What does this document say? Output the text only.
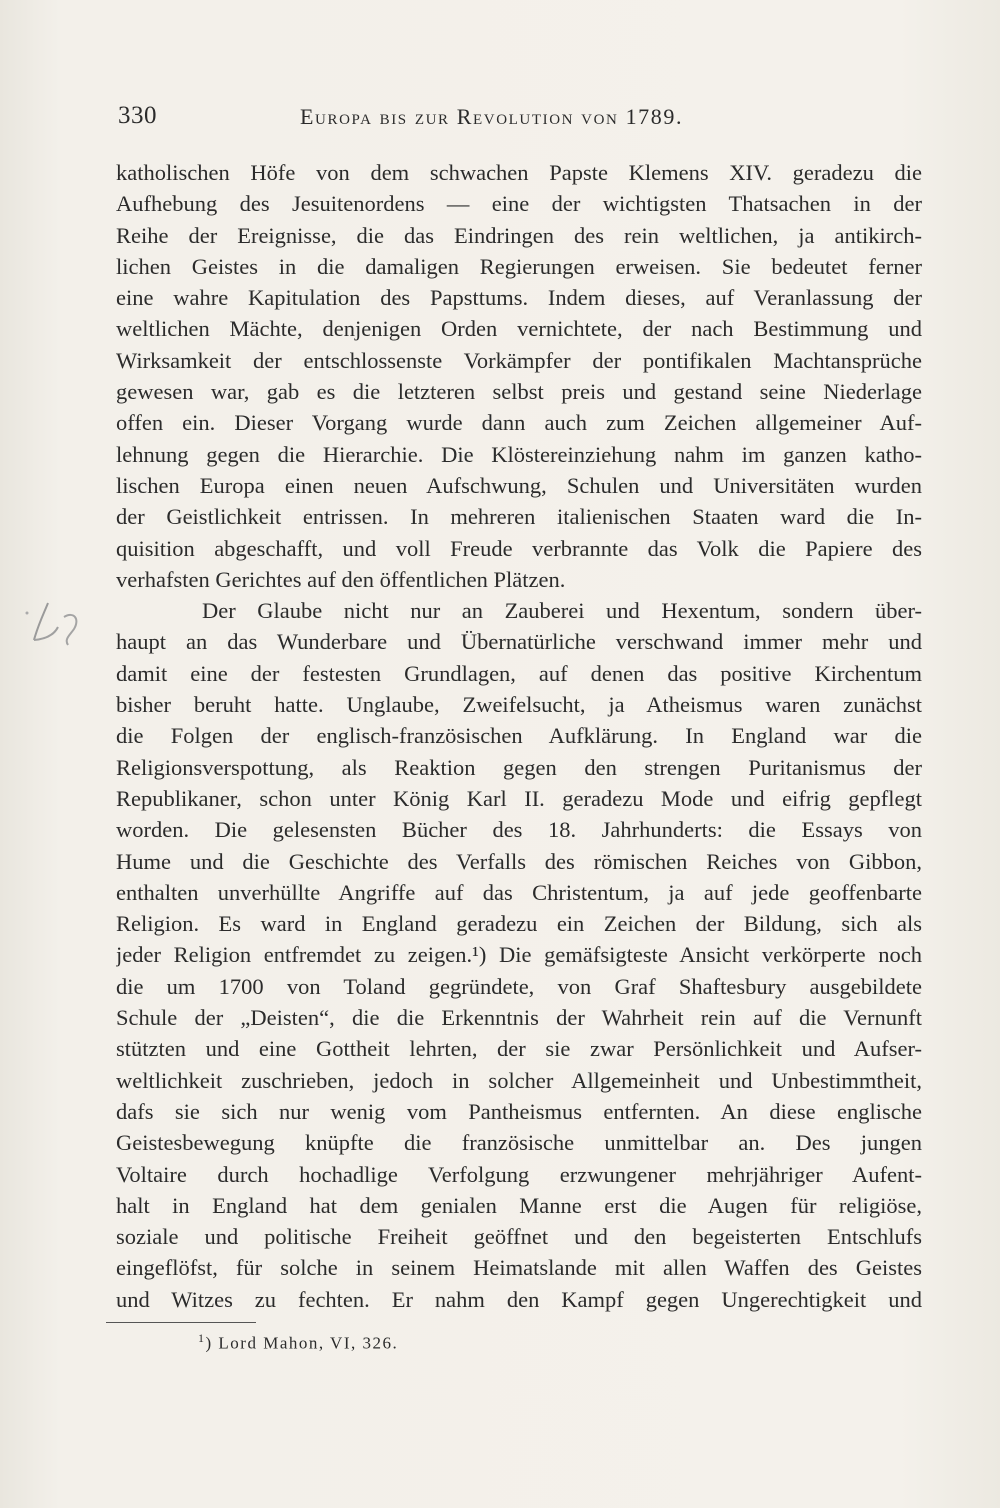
330	Europa bis zur Revolution von 1789.
katholischen Höfe von dem schwachen Papste Klemens XIV. geradezu die
Aufhebung des Jesuitenordens — eine der wichtigsten Thatsachen in der
Reihe der Ereignisse, die das Eindringen des rein weltlichen, ja antikirch-
lichen Geistes in die damaligen Regierungen erweisen. Sie bedeutet ferner
eine wahre Kapitulation des Papsttums. Indem dieses, auf Veranlassung der
weltlichen Mächte, denjenigen Orden vernichtete, der nach Bestimmung und
Wirksamkeit der entschlossenste Vorkämpfer der pontifikalen Machtansprüche
gewesen war, gab es die letzteren selbst preis und gestand seine Niederlage
offen ein. Dieser Vorgang wurde dann auch zum Zeichen allgemeiner Auf-
lehnung gegen die Hierarchie. Die Klöstereinziehung nahm im ganzen katho-
lischen Europa einen neuen Aufschwung, Schulen und Universitäten wurden
der Geistlichkeit entrissen. In mehreren italienischen Staaten ward die In-
quisition abgeschafft, und voll Freude verbrannte das Volk die Papiere des
verhafsten Gerichtes auf den öffentlichen Plätzen.
Der Glaube nicht nur an Zauberei und Hexentum, sondern über-
haupt an das Wunderbare und Übernatürliche verschwand immer mehr und
damit eine der festesten Grundlagen, auf denen das positive Kirchentum
bisher beruht hatte. Unglaube, Zweifelsucht, ja Atheismus waren zunächst
die Folgen der englisch-französischen Aufklärung. In England war die
Religionsverspottung, als Reaktion gegen den strengen Puritanismus der
Republikaner, schon unter König Karl II. geradezu Mode und eifrig gepflegt
worden. Die gelesensten Bücher des 18. Jahrhunderts: die Essays von
Hume und die Geschichte des Verfalls des römischen Reiches von Gibbon,
enthalten unverhüllte Angriffe auf das Christentum, ja auf jede geoffenbarte
Religion. Es ward in England geradezu ein Zeichen der Bildung, sich als
jeder Religion entfremdet zu zeigen.¹) Die gemäfsigteste Ansicht verkörperte noch
die um 1700 von Toland gegründete, von Graf Shaftesbury ausgebildete
Schule der „Deisten“, die die Erkenntnis der Wahrheit rein auf die Vernunft
stützten und eine Gottheit lehrten, der sie zwar Persönlichkeit und Aufser-
weltlichkeit zuschrieben, jedoch in solcher Allgemeinheit und Unbestimmtheit,
dafs sie sich nur wenig vom Pantheismus entfernten. An diese englische
Geistesbewegung knüpfte die französische unmittelbar an. Des jungen
Voltaire durch hochadlige Verfolgung erzwungener mehrjähriger Aufent-
halt in England hat dem genialen Manne erst die Augen für religiöse,
soziale und politische Freiheit geöffnet und den begeisterten Entschlufs
eingeflöfst, für solche in seinem Heimatslande mit allen Waffen des Geistes
und Witzes zu fechten. Er nahm den Kampf gegen Ungerechtigkeit und
$^1$) Lord Mahon, VI, 326.
